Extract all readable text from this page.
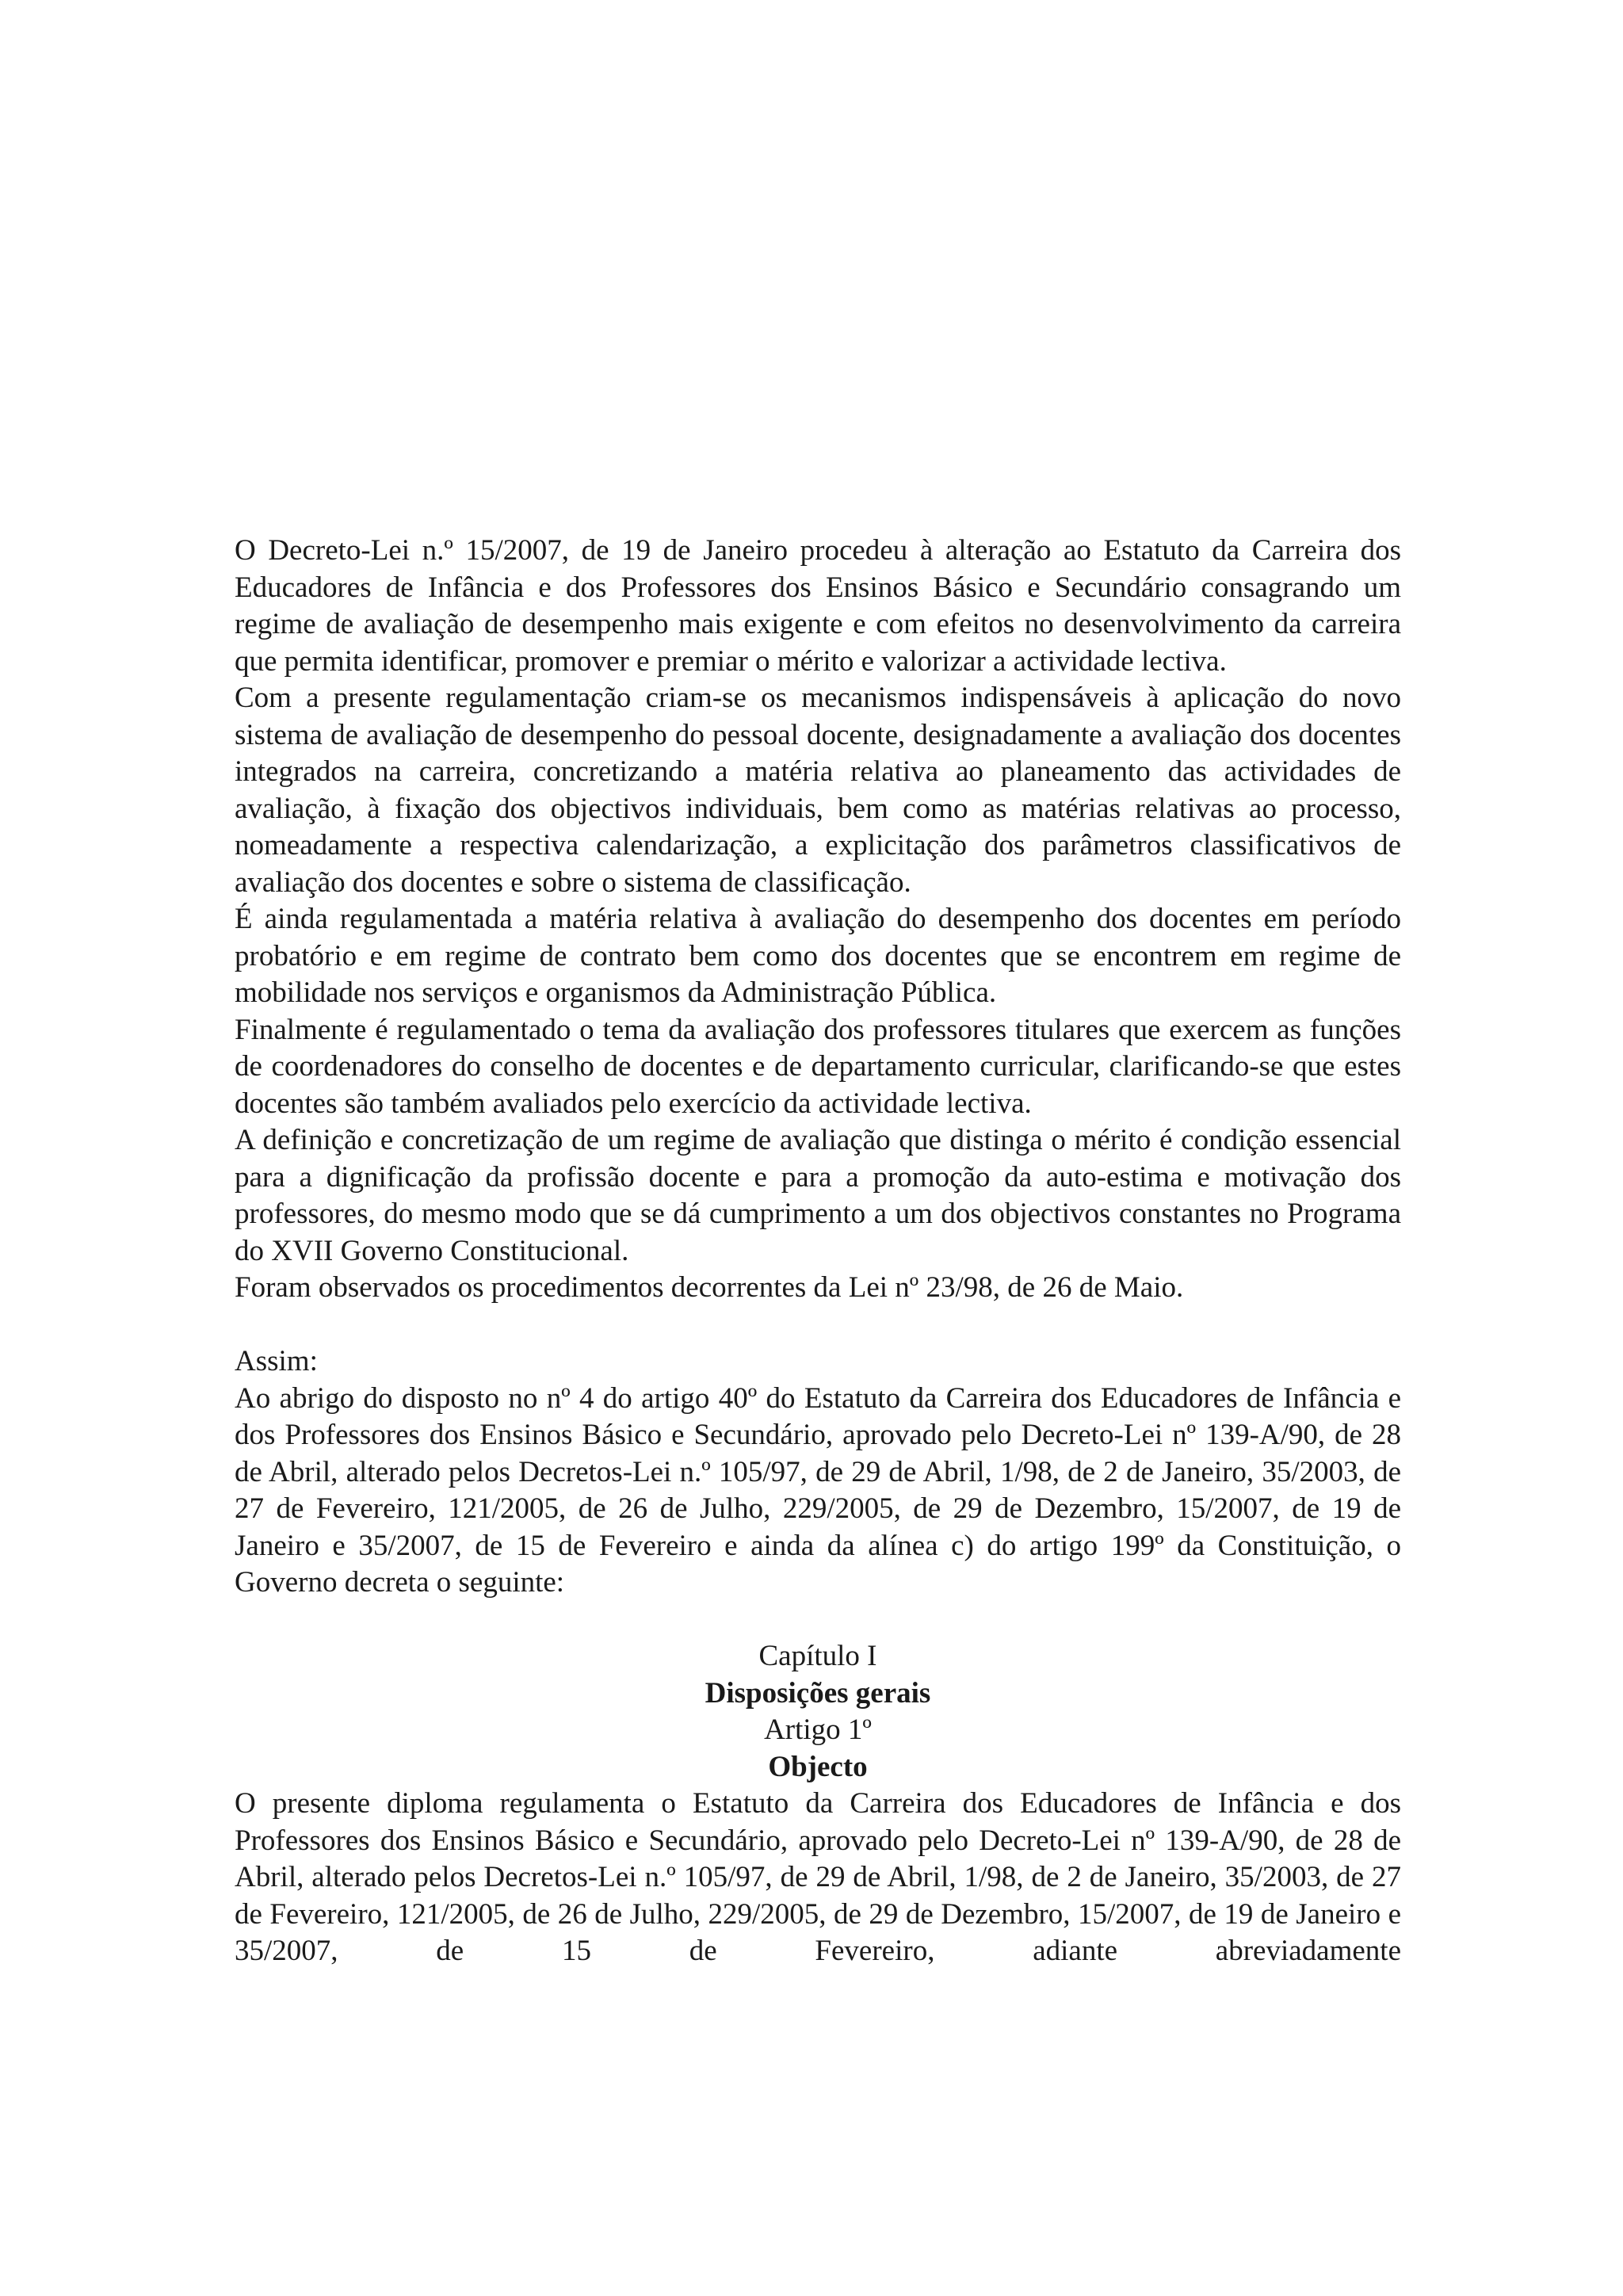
O Decreto-Lei n.º 15/2007, de 19 de Janeiro procedeu à alteração ao Estatuto da Carreira dos Educadores de Infância e dos Professores dos Ensinos Básico e Secundário consagrando um regime de avaliação de desempenho mais exigente e com efeitos no desenvolvimento da carreira que permita identificar, promover e premiar o mérito e valorizar a actividade lectiva.

Com a presente regulamentação criam-se os mecanismos indispensáveis à aplicação do novo sistema de avaliação de desempenho do pessoal docente, designadamente a avaliação dos docentes integrados na carreira, concretizando a matéria relativa ao planeamento das actividades de avaliação, à fixação dos objectivos individuais, bem como as matérias relativas ao processo, nomeadamente a respectiva calendarização, a explicitação dos parâmetros classificativos de avaliação dos docentes e sobre o sistema de classificação.

É ainda regulamentada a matéria relativa à avaliação do desempenho dos docentes em período probatório e em regime de contrato bem como dos docentes que se encontrem em regime de mobilidade nos serviços e organismos da Administração Pública.

Finalmente é regulamentado o tema da avaliação dos professores titulares que exercem as funções de coordenadores do conselho de docentes e de departamento curricular, clarificando-se que estes docentes são também avaliados pelo exercício da actividade lectiva.

A definição e concretização de um regime de avaliação que distinga o mérito é condição essencial para a dignificação da profissão docente e para a promoção da auto-estima e motivação dos professores, do mesmo modo que se dá cumprimento a um dos objectivos constantes no Programa do XVII Governo Constitucional.

Foram observados os procedimentos decorrentes da Lei nº 23/98, de 26 de Maio.

Assim:

Ao abrigo do disposto no nº 4 do artigo 40º do Estatuto da Carreira dos Educadores de Infância e dos Professores dos Ensinos Básico e Secundário, aprovado pelo Decreto-Lei nº 139-A/90, de 28 de Abril, alterado pelos Decretos-Lei n.º 105/97, de 29 de Abril, 1/98, de 2 de Janeiro, 35/2003, de 27 de Fevereiro, 121/2005, de 26 de Julho, 229/2005, de 29 de Dezembro, 15/2007, de 19 de Janeiro e 35/2007, de 15 de Fevereiro e ainda da alínea c) do artigo 199º da Constituição, o Governo decreta o seguinte:

Capítulo I

Disposições gerais

Artigo 1º

Objecto

O presente diploma regulamenta o Estatuto da Carreira dos Educadores de Infância e dos Professores dos Ensinos Básico e Secundário, aprovado pelo Decreto-Lei nº 139-A/90, de 28 de Abril, alterado pelos Decretos-Lei n.º 105/97, de 29 de Abril, 1/98, de 2 de Janeiro, 35/2003, de 27 de Fevereiro, 121/2005, de 26 de Julho, 229/2005, de 29 de Dezembro, 15/2007, de 19 de Janeiro e 35/2007, de 15 de Fevereiro, adiante abreviadamente
